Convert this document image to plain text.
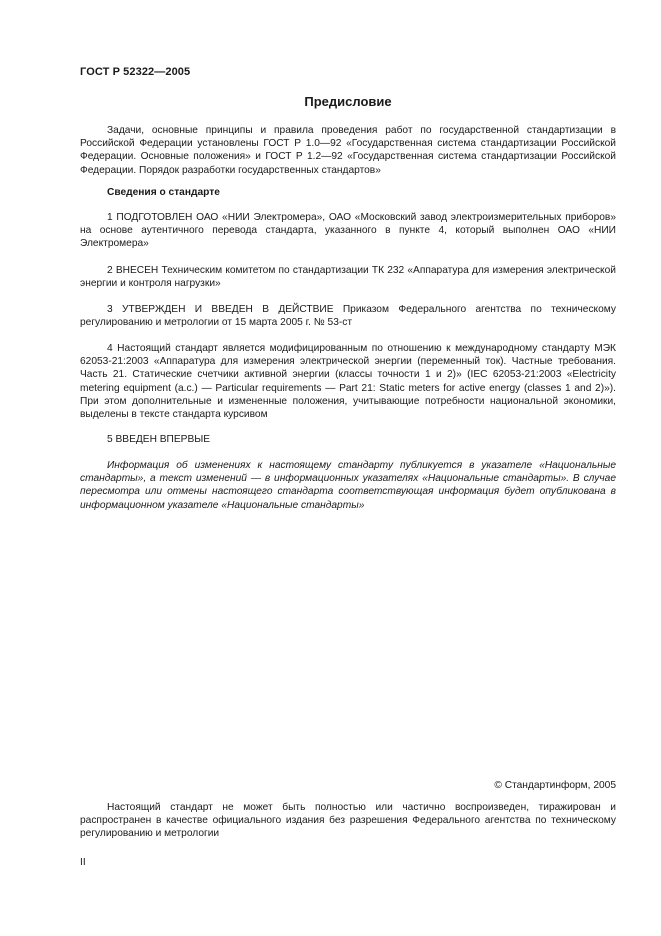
ГОСТ Р 52322—2005
Предисловие

Задачи, основные принципы и правила проведения работ по государственной стандартизации в Российской Федерации установлены ГОСТ Р 1.0—92 «Государственная система стандартизации Российской Федерации. Основные положения» и ГОСТ Р 1.2—92 «Государственная система стандартизации Российской Федерации. Порядок разработки государственных стандартов»

Сведения о стандарте

1 ПОДГОТОВЛЕН ОАО «НИИ Электромера», ОАО «Московский завод электроизмерительных приборов» на основе аутентичного перевода стандарта, указанного в пункте 4, который выполнен ОАО «НИИ Электромера»

2 ВНЕСЕН Техническим комитетом по стандартизации ТК 232 «Аппаратура для измерения электрической энергии и контроля нагрузки»

3 УТВЕРЖДЕН И ВВЕДЕН В ДЕЙСТВИЕ Приказом Федерального агентства по техническому регулированию и метрологии от 15 марта 2005 г. № 53-ст

4 Настоящий стандарт является модифицированным по отношению к международному стандарту МЭК 62053-21:2003 «Аппаратура для измерения электрической энергии (переменный ток). Частные требования. Часть 21. Статические счетчики активной энергии (классы точности 1 и 2)» (IEC 62053-21:2003 «Electricity metering equipment (a.c.) — Particular requirements — Part 21: Static meters for active energy (classes 1 and 2)»). При этом дополнительные и измененные положения, учитывающие потребности национальной экономики, выделены в тексте стандарта курсивом

5 ВВЕДЕН ВПЕРВЫЕ

Информация об изменениях к настоящему стандарту публикуется в указателе «Национальные стандарты», а текст изменений — в информационных указателях «Национальные стандарты». В случае пересмотра или отмены настоящего стандарта соответствующая информация будет опубликована в информационном указателе «Национальные стандарты»

© Стандартинформ, 2005

Настоящий стандарт не может быть полностью или частично воспроизведен, тиражирован и распространен в качестве официального издания без разрешения Федерального агентства по техническому регулированию и метрологии

II
